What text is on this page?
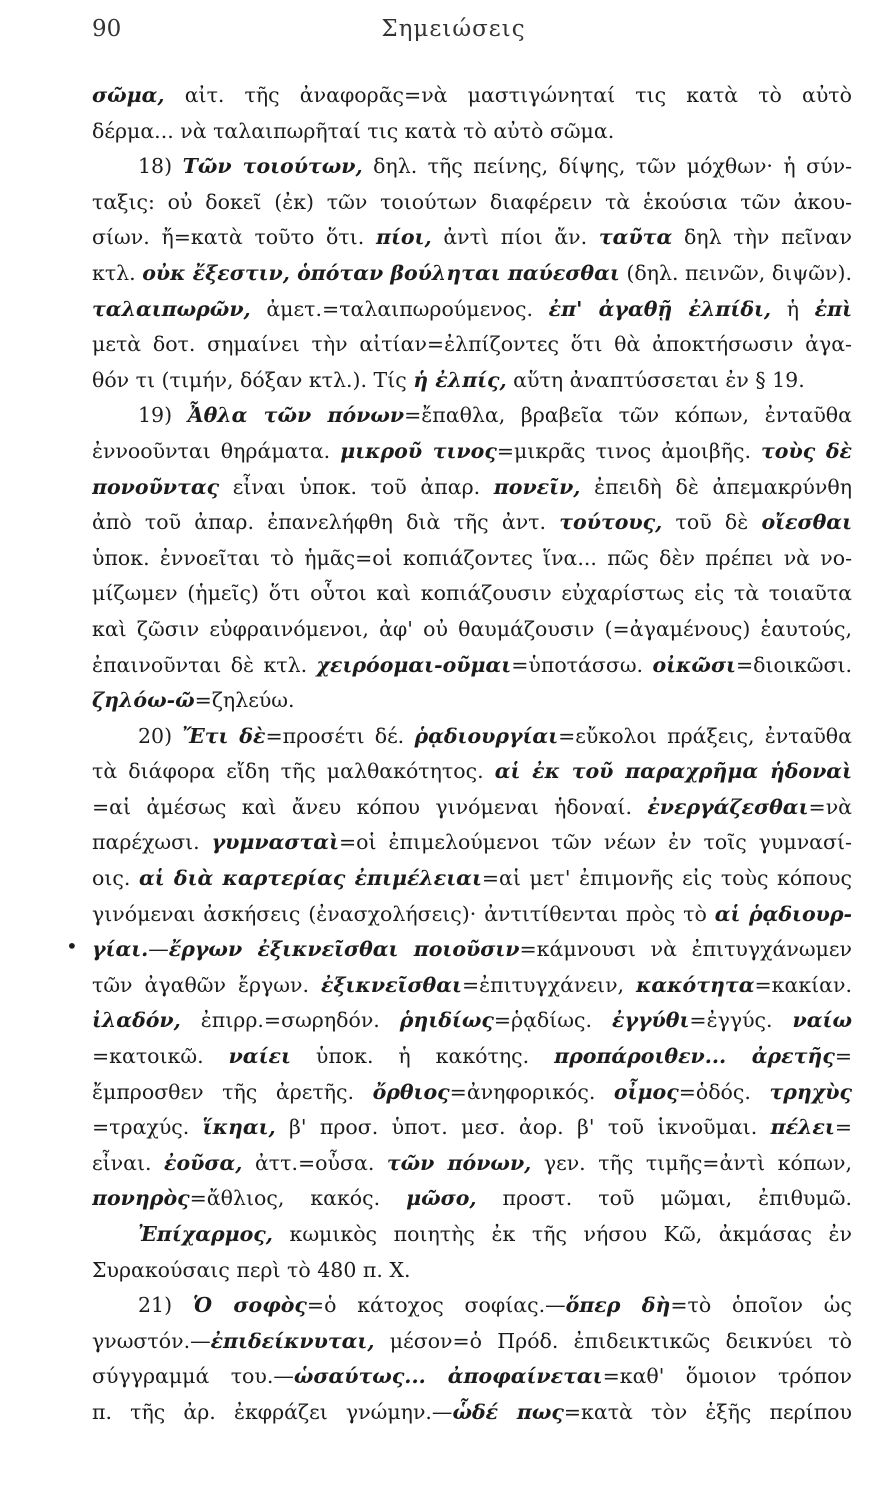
90	Σημειώσεις
•
σῶμα, αἰτ. τῆς ἀναφορᾶς=νὰ μαστιγώνηταί τις κατὰ τὸ αὐτὸ
δέρμα... νὰ ταλαιπωρῆταί τις κατὰ τὸ αὐτὸ σῶμα.
18) Τῶν τοιούτων, δηλ. τῆς πείνης, δίψης, τῶν μόχθων· ἡ σύν-
ταξις: οὐ δοκεῖ (ἐκ) τῶν τοιούτων διαφέρειν τὰ ἑκούσια τῶν ἀκου-
σίων. ἤ=κατὰ τοῦτο ὅτι. πίοι, ἀντὶ πίοι ἄν. ταῦτα δηλ τὴν πεῖναν
κτλ. οὐκ ἔξεστιν, ὁπόταν βούληται παύεσθαι (δηλ. πεινῶν, διψῶν).
ταλαιπωρῶν, ἀμετ.=ταλαιπωρούμενος. ἐπ' ἀγαθῇ ἐλπίδι, ἡ ἐπὶ
μετὰ δοτ. σημαίνει τὴν αἰτίαν=ἐλπίζοντες ὅτι θὰ ἀποκτήσωσιν ἀγα-
θόν τι (τιμήν, δόξαν κτλ.). Τίς ἡ ἐλπίς, αὕτη ἀναπτύσσεται ἐν § 19.
19) Ἆθλα τῶν πόνων=ἔπαθλα, βραβεῖα τῶν κόπων, ἐνταῦθα
ἐννοοῦνται θηράματα. μικροῦ τινος=μικρᾶς τινος ἀμοιβῆς. τοὺς δὲ
πονοῦντας εἶναι ὑποκ. τοῦ ἀπαρ. πονεῖν, ἐπειδὴ δὲ ἀπεμακρύνθη
ἀπὸ τοῦ ἀπαρ. ἐπανελήφθη διὰ τῆς ἀντ. τούτους, τοῦ δὲ οἴεσθαι
ὑποκ. ἐννοεῖται τὸ ἡμᾶς=οἱ κοπιάζοντες ἵνα... πῶς δὲν πρέπει νὰ νο-
μίζωμεν (ἡμεῖς) ὅτι οὗτοι καὶ κοπιάζουσιν εὐχαρίστως εἰς τὰ τοιαῦτα
καὶ ζῶσιν εὐφραινόμενοι, ἀφ' οὐ θαυμάζουσιν (=ἀγαμένους) ἑαυτούς,
ἐπαινοῦνται δὲ κτλ. χειρόομαι-οῦμαι=ὑποτάσσω. οἰκῶσι=διοικῶσι.
ζηλόω-ῶ=ζηλεύω.
20) Ἔτι δὲ=προσέτι δέ. ῥᾳδιουργίαι=εὔκολοι πράξεις, ἐνταῦθα
τὰ διάφορα εἴδη τῆς μαλθακότητος. αἱ ἐκ τοῦ παραχρῆμα ἡδοναὶ
=αἱ ἀμέσως καὶ ἄνευ κόπου γινόμεναι ἡδοναί. ἐνεργάζεσθαι=νὰ
παρέχωσι. γυμνασταὶ=οἱ ἐπιμελούμενοι τῶν νέων ἐν τοῖς γυμνασί-
οις. αἱ διὰ καρτερίας ἐπιμέλειαι=αἱ μετ' ἐπιμονῆς εἰς τοὺς κόπους
γινόμεναι ἀσκήσεις (ἐνασχολήσεις)· ἀντιτίθενται πρὸς τὸ αἱ ῥᾳδιουρ-
γίαι.—ἔργων ἐξικνεῖσθαι ποιοῦσιν=κάμνουσι νὰ ἐπιτυγχάνωμεν
τῶν ἀγαθῶν ἔργων. ἐξικνεῖσθαι=ἐπιτυγχάνειν, κακότητα=κακίαν.
ἰλαδόν, ἐπιρρ.=σωρηδόν. ῥηιδίως=ῥᾳδίως. ἐγγύθι=ἐγγύς. ναίω
=κατοικῶ. ναίει ὑποκ. ἡ κακότης. προπάροιθεν... ἀρετῆς=
ἔμπροσθεν τῆς ἀρετῆς. ὄρθιος=ἀνηφορικός. οἶμος=ὁδός. τρηχὺς
=τραχύς. ἵκηαι, β' προσ. ὑποτ. μεσ. ἀορ. β' τοῦ ἱκνοῦμαι. πέλει=
εἶναι. ἐοῦσα, ἀττ.=οὖσα. τῶν πόνων, γεν. τῆς τιμῆς=ἀντὶ κόπων,
πονηρὸς=ἄθλιος, κακός. μῶσο, προστ. τοῦ μῶμαι, ἐπιθυμῶ.
Ἐπίχαρμος, κωμικὸς ποιητὴς ἐκ τῆς νήσου Κῶ, ἀκμάσας ἐν
Συρακούσαις περὶ τὸ 480 π. Χ.
21) Ὁ σοφὸς=ὁ κάτοχος σοφίας.—ὅπερ δὴ=τὸ ὁποῖον ὡς
γνωστόν.—ἐπιδείκνυται, μέσον=ὁ Πρόδ. ἐπιδεικτικῶς δεικνύει τὸ
σύγγραμμά του.—ὡσαύτως... ἀποφαίνεται=καθ' ὅμοιον τρόπον
π. τῆς ἀρ. ἐκφράζει γνώμην.—ὧδέ πως=κατὰ τὸν ἑξῆς περίπου
